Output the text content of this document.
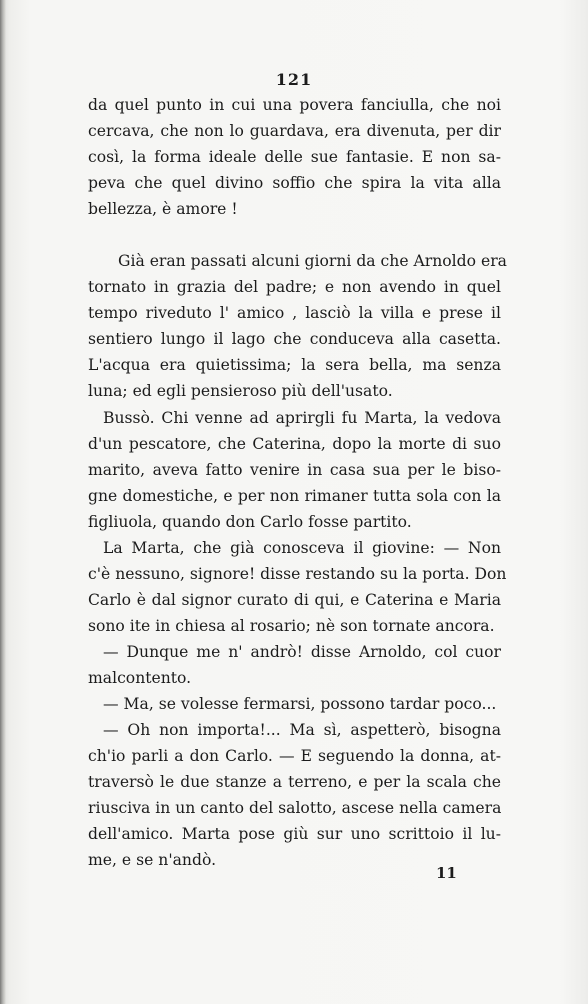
121

da quel punto in cui una povera fanciulla, che noi
cercava, che non lo guardava, era divenuta, per dir
così, la forma ideale delle sue fantasie. E non sa-
peva che quel divino soffio che spira la vita alla
bellezza, è amore !
Già eran passati alcuni giorni da che Arnoldo era
tornato in grazia del padre; e non avendo in quel
tempo riveduto l' amico , lasciò la villa e prese il
sentiero lungo il lago che conduceva alla casetta.
L'acqua era quietissima; la sera bella, ma senza
luna; ed egli pensieroso più dell'usato.
Bussò. Chi venne ad aprirgli fu Marta, la vedova
d'un pescatore, che Caterina, dopo la morte di suo
marito, aveva fatto venire in casa sua per le biso-
gne domestiche, e per non rimaner tutta sola con la
figliuola, quando don Carlo fosse partito.
La Marta, che già conosceva il giovine: — Non
c'è nessuno, signore! disse restando su la porta. Don
Carlo è dal signor curato di qui, e Caterina e Maria
sono ite in chiesa al rosario; nè son tornate ancora.
— Dunque me n' andrò! disse Arnoldo, col cuor
malcontento.
— Ma, se volesse fermarsi, possono tardar poco...
— Oh non importa!... Ma sì, aspetterò, bisogna
ch'io parli a don Carlo. — E seguendo la donna, at-
traversò le due stanze a terreno, e per la scala che
riusciva in un canto del salotto, ascese nella camera
dell'amico. Marta pose giù sur uno scrittoio il lu-
me, e se n'andò.

11
